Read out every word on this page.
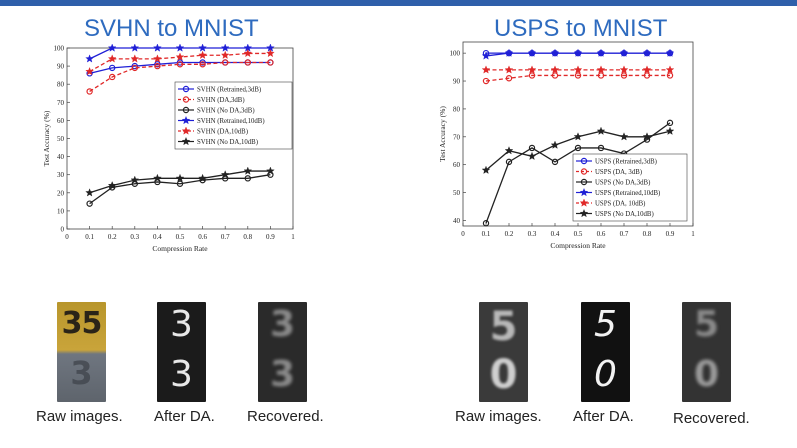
SVHN to MNIST	USPS to MNIST
0 0.1 0.2 0.3 0.4 0.5 0.6 0.7 0.8 0.9 1
0
10
20
30
40
50
60
70
80
90
100
Compression Rate
Test Accuracy (%)
SVHN (Retrained,3dB)
SVHN (DA,3dB)
SVHN (No DA,3dB)
SVHN (Retrained,10dB)
SVHN (DA,10dB)
SVHN (No DA,10dB)
0 0.1 0.2 0.3 0.4 0.5 0.6 0.7 0.8 0.9 1
40
50
60
70
80
90
100
Compression Rate
Test Accuracy (%)
USPS (Retrained,3dB)
USPS (DA, 3dB)
USPS (No DA,3dB)
USPS (Retrained,10dB)
USPS (DA, 10dB)
USPS (No DA,10dB)
35
3
3
3
3
3
5
0
5
0
5
0
Raw images. After DA. Recovered.	Raw images. After DA.	Recovered.
